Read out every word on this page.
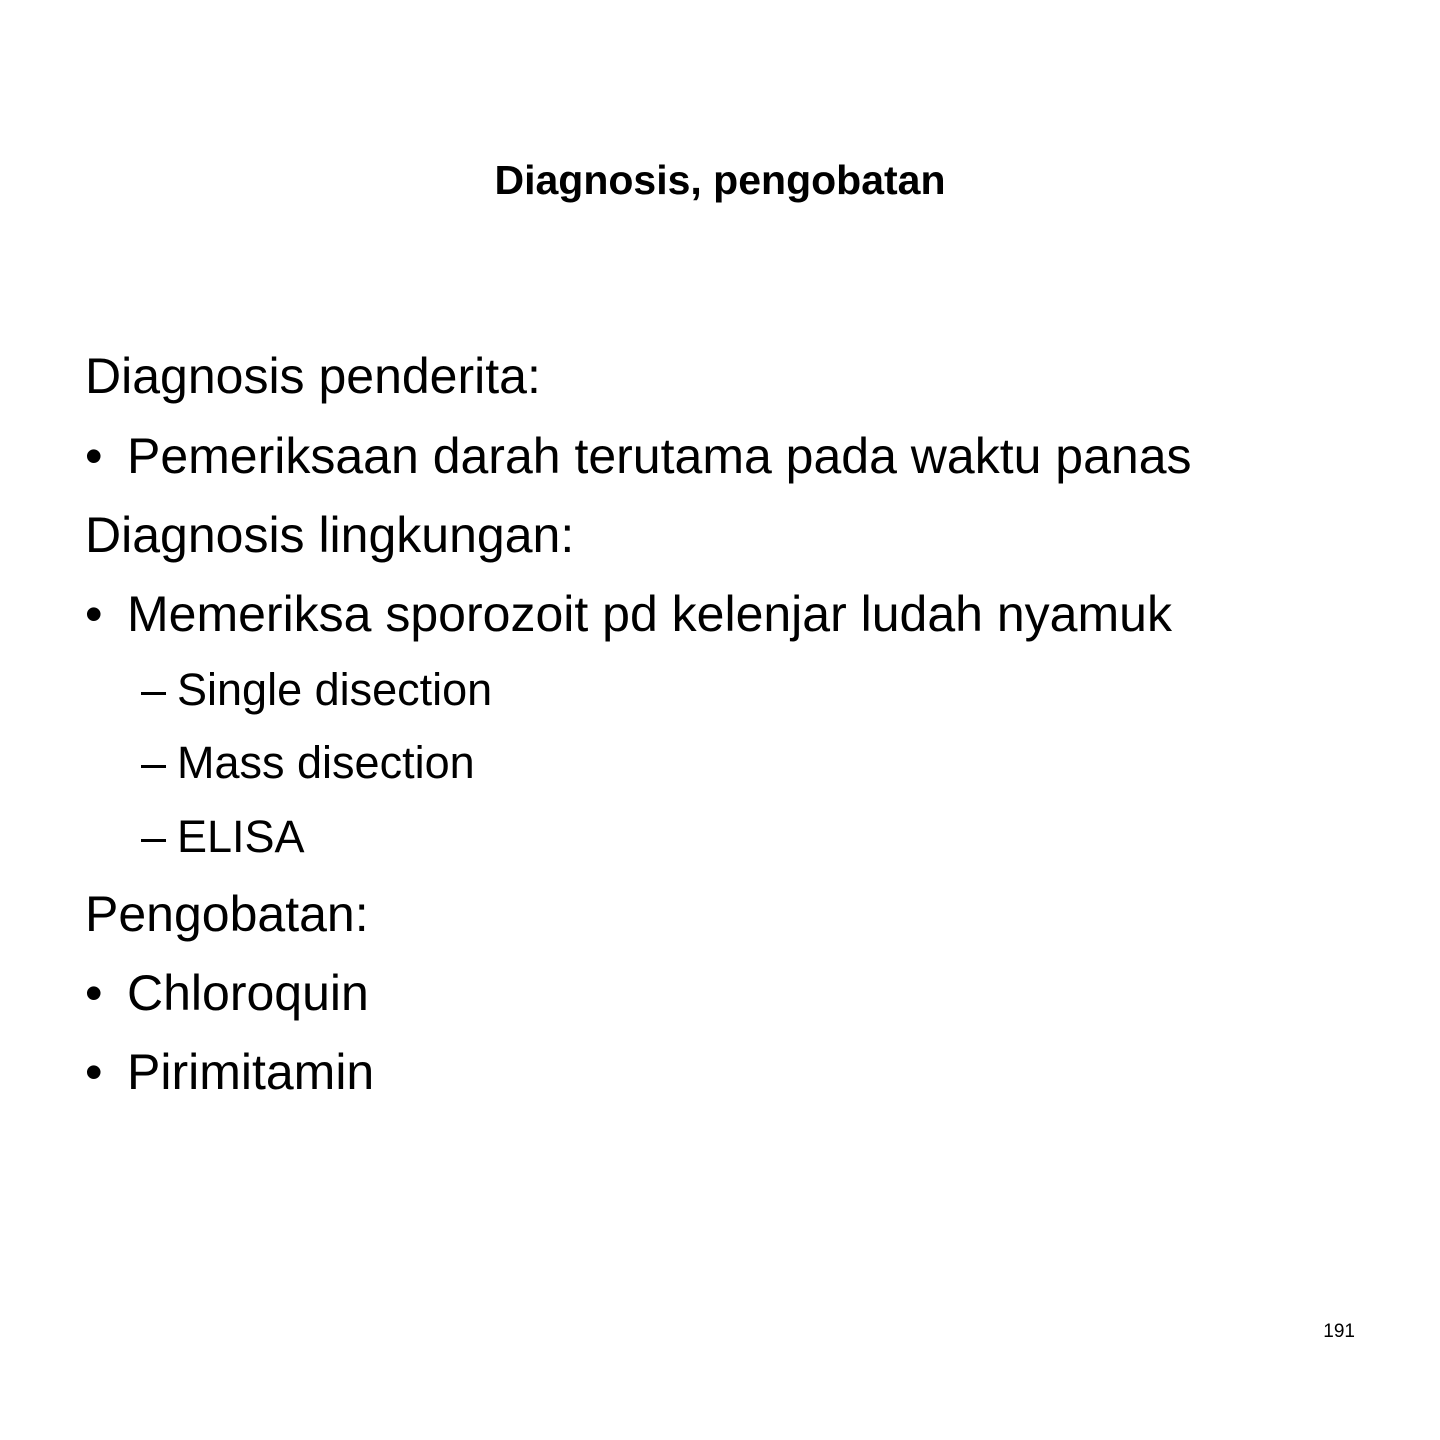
Diagnosis, pengobatan

Diagnosis penderita:

• Pemeriksaan darah terutama pada waktu panas

Diagnosis lingkungan:

• Memeriksa sporozoit pd kelenjar ludah nyamuk

– Single disection

– Mass disection

– ELISA

Pengobatan:

• Chloroquin

• Pirimitamin

191
